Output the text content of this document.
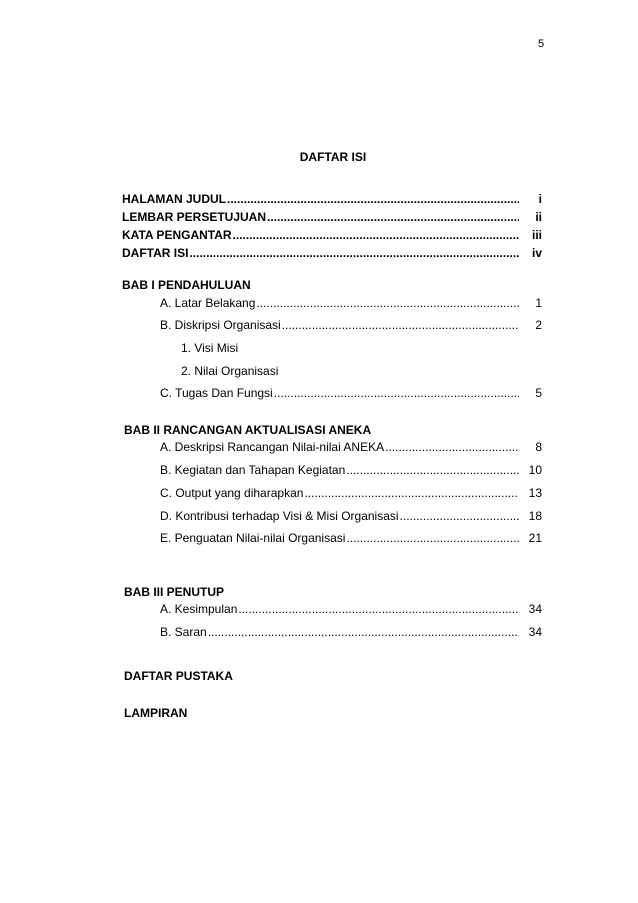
5
DAFTAR ISI
HALAMAN JUDUL .....	i
LEMBAR PERSETUJUAN .....	ii
KATA PENGANTAR .....	iii
DAFTAR ISI .....	iv
BAB I PENDAHULUAN
A. Latar Belakang .....	1
B. Diskripsi Organisasi .....	2
1. Visi Misi
2. Nilai Organisasi
C. Tugas Dan Fungsi .....	5
BAB II RANCANGAN AKTUALISASI ANEKA
A. Deskripsi Rancangan Nilai-nilai ANEKA .....	8
B. Kegiatan dan Tahapan Kegiatan .....	10
C. Output yang diharapkan .....	13
D. Kontribusi terhadap Visi & Misi Organisasi .....	18
E. Penguatan Nilai-nilai Organisasi .....	21
BAB III PENUTUP
A. Kesimpulan .....	34
B. Saran .....	34
DAFTAR PUSTAKA
LAMPIRAN
